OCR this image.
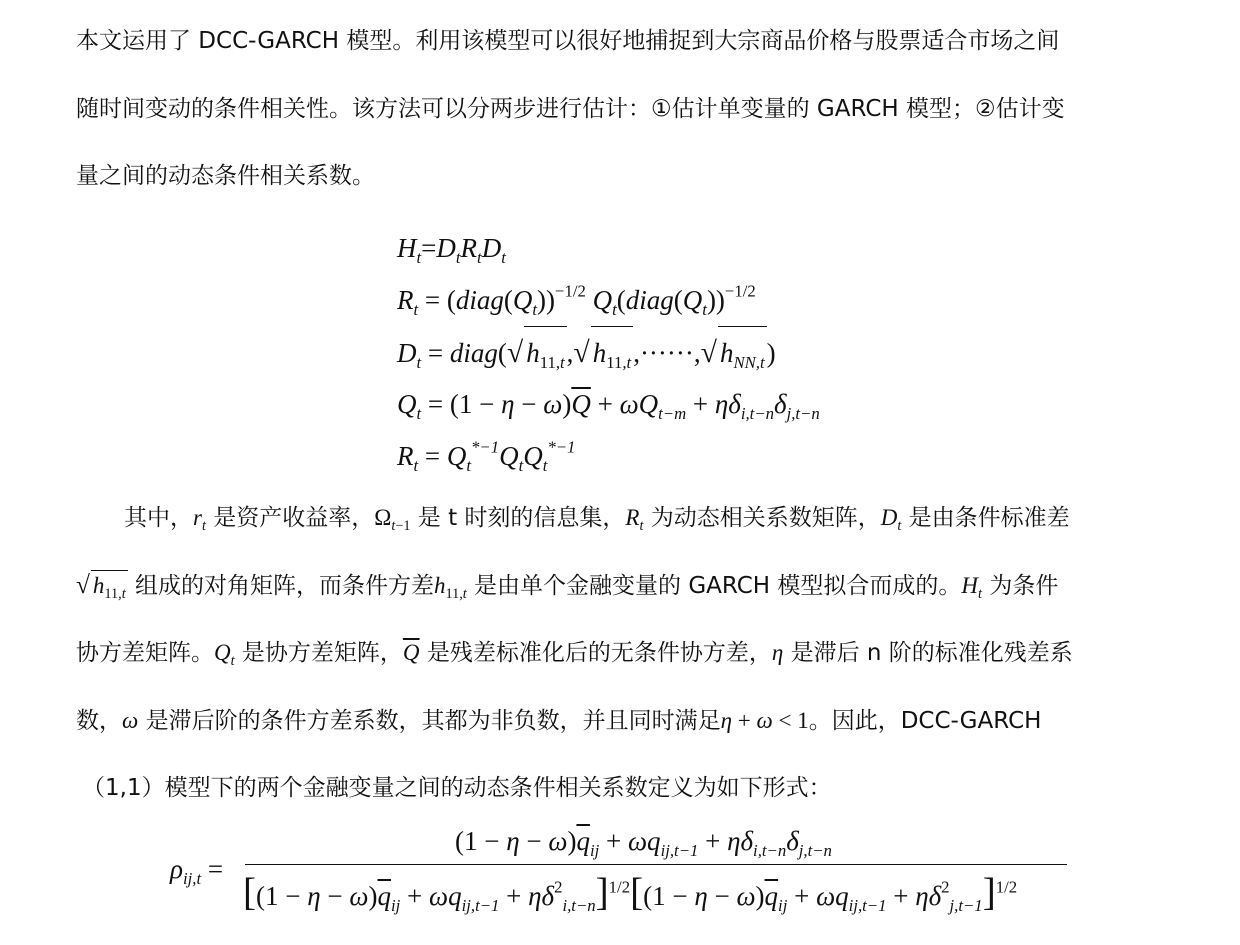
本文运用了 DCC-GARCH 模型。利用该模型可以很好地捕捉到大宗商品价格与股票适合市场之间
随时间变动的条件相关性。该方法可以分两步进行估计：①估计单变量的 GARCH 模型；②估计变
量之间的动态条件相关系数。
$H_t=D_tR_tD_t$
$R_t$ = $(diag(Q_t))^{-1/2}$ $Q_t(diag(Q_t))^{-1/2}$
$D_t$ = diag(√ $h_{11,t},√$ $h_{11,t},\cdot\cdot\cdot\cdot\cdot\cdot,√$ $h_{NN,t}$)
$Q_t = (1 - \eta - \omega)\overline{Q} + \omega Q_{t-m} + \eta\delta_{i,t-n}\delta_{j,t-n}$
$R_t = Q_t^{*-1}Q_tQ_t^{*-1}$
其中，$r_t$ 是资产收益率，$\Omega_{t-1}$ 是 t 时刻的信息集，$R_t$ 为动态相关系数矩阵，$D_t$ 是由条件标准差
√ $h_{11,t}$ 组成的对角矩阵，而条件方差$h_{11,t}$ 是由单个金融变量的 GARCH 模型拟合而成的。$H_t$ 为条件
协方差矩阵。$Q_t$ 是协方差矩阵，$\overline{Q}$ 是残差标准化后的无条件协方差，η 是滞后 n 阶的标准化残差系
数，ω 是滞后阶的条件方差系数，其都为非负数，并且同时满足η + ω < 1。因此，DCC-GARCH
（1,1）模型下的两个金融变量之间的动态条件相关系数定义为如下形式：
$\rho_{ij,t}$ =
$(1 - \eta - \omega)\overline{q}_{ij} + \omega q_{ij,t-1} + \eta\delta_{i,t-n}\delta_{j,t-n}$
$[(1 - \eta - \omega)\overline{q}_{ij} + \omega q_{ij,t-1} + \eta\delta^2_{i,t-n}]^{1/2}[(1 - \eta - \omega)\overline{q}_{ij} + \omega q_{ij,t-1} + \eta\delta^2_{j,t-1}]^{1/2}$
